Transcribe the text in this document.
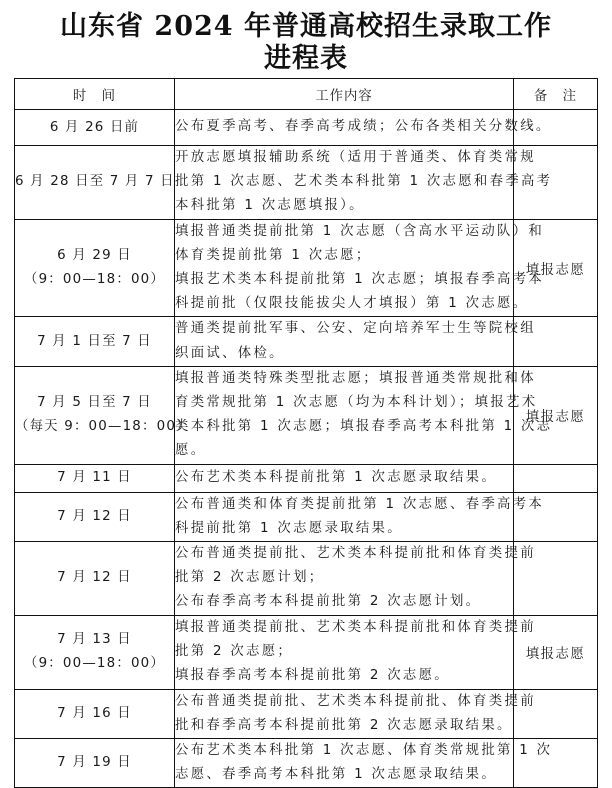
山东省 2024 年普通高校招生录取工作
进程表
时　间	工作内容	备　注

6 月 26 日前	公布夏季高考、春季高考成绩；公布各类相关分数线。	

6 月 28 日至 7 月 7 日	开放志愿填报辅助系统（适用于普通类、体育类常规
批第 1 次志愿、艺术类本科批第 1 次志愿和春季高考
本科批第 1 次志愿填报）。	

6 月 29 日
（9：00—18：00）	填报普通类提前批第 1 次志愿（含高水平运动队）和
体育类提前批第 1 次志愿；
填报艺术类本科提前批第 1 次志愿；填报春季高考本
科提前批（仅限技能拔尖人才填报）第 1 次志愿。	填报志愿

7 月 1 日至 7 日	普通类提前批军事、公安、定向培养军士生等院校组
织面试、体检。	

7 月 5 日至 7 日
（每天 9：00—18：00）	填报普通类特殊类型批志愿；填报普通类常规批和体
育类常规批第 1 次志愿（均为本科计划）；填报艺术
类本科批第 1 次志愿；填报春季高考本科批第 1 次志
愿。	填报志愿

7 月 11 日	公布艺术类本科提前批第 1 次志愿录取结果。	

7 月 12 日	公布普通类和体育类提前批第 1 次志愿、春季高考本
科提前批第 1 次志愿录取结果。	

7 月 12 日	公布普通类提前批、艺术类本科提前批和体育类提前
批第 2 次志愿计划；
公布春季高考本科提前批第 2 次志愿计划。	

7 月 13 日
（9：00—18：00）	填报普通类提前批、艺术类本科提前批和体育类提前
批第 2 次志愿；
填报春季高考本科提前批第 2 次志愿。	填报志愿

7 月 16 日	公布普通类提前批、艺术类本科提前批、体育类提前
批和春季高考本科提前批第 2 次志愿录取结果。	

7 月 19 日	公布艺术类本科批第 1 次志愿、体育类常规批第 1 次
志愿、春季高考本科批第 1 次志愿录取结果。	
